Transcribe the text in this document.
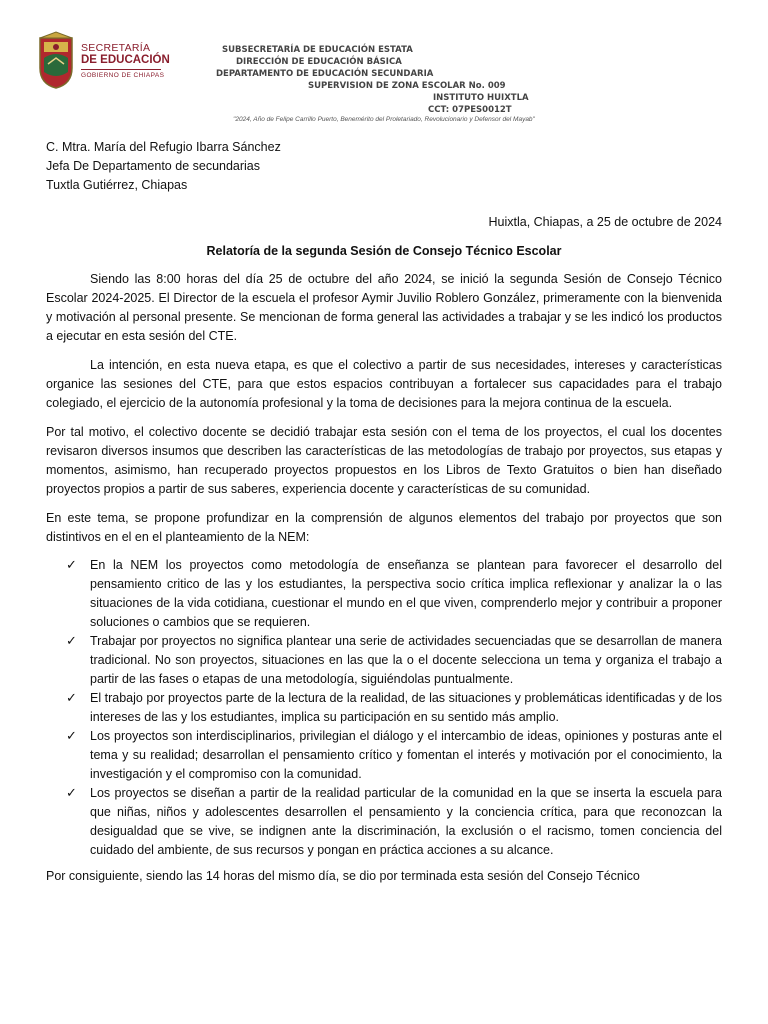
SECRETARÍA
DE EDUCACIÓN
GOBIERNO DE CHIAPAS
SUBSECRETARÍA DE EDUCACIÓN ESTATA
DIRECCIÓN DE EDUCACIÓN BÁSICA
DEPARTAMENTO DE EDUCACIÓN SECUNDARIA
SUPERVISION DE ZONA ESCOLAR No. 009
INSTITUTO HUIXTLA
CCT: 07PES0012T
"2024, Año de Felipe Carrillo Puerto, Benemérito del Proletariado, Revolucionario y Defensor del Mayab"
C. Mtra. María del Refugio Ibarra Sánchez
Jefa De Departamento de secundarias
Tuxtla Gutiérrez, Chiapas
Huixtla, Chiapas, a 25 de octubre de 2024
Relatoría de la segunda Sesión de Consejo Técnico Escolar
Siendo las 8:00 horas del día 25 de octubre del año 2024, se inició la segunda Sesión de Consejo Técnico Escolar 2024-2025. El Director de la escuela el profesor Aymir Juvilio Roblero González, primeramente con la bienvenida y motivación al personal presente. Se mencionan de forma general las actividades a trabajar y se les indicó los productos a ejecutar en esta sesión del CTE.
La intención, en esta nueva etapa, es que el colectivo a partir de sus necesidades, intereses y características organice las sesiones del CTE, para que estos espacios contribuyan a fortalecer sus capacidades para el trabajo colegiado, el ejercicio de la autonomía profesional y la toma de decisiones para la mejora continua de la escuela.
Por tal motivo, el colectivo docente se decidió trabajar esta sesión con el tema de los proyectos, el cual los docentes revisaron diversos insumos que describen las características de las metodologías de trabajo por proyectos, sus etapas y momentos, asimismo, han recuperado proyectos propuestos en los Libros de Texto Gratuitos o bien han diseñado proyectos propios a partir de sus saberes, experiencia docente y características de su comunidad.
En este tema, se propone profundizar en la comprensión de algunos elementos del trabajo por proyectos que son distintivos en el en el planteamiento de la NEM:
✓ En la NEM los proyectos como metodología de enseñanza se plantean para favorecer el desarrollo del pensamiento critico de las y los estudiantes, la perspectiva socio crítica implica reflexionar y analizar la o las situaciones de la vida cotidiana, cuestionar el mundo en el que viven, comprenderlo mejor y contribuir a proponer soluciones o cambios que se requieren.
✓ Trabajar por proyectos no significa plantear una serie de actividades secuenciadas que se desarrollan de manera tradicional. No son proyectos, situaciones en las que la o el docente selecciona un tema y organiza el trabajo a partir de las fases o etapas de una metodología, siguiéndolas puntualmente.
✓ El trabajo por proyectos parte de la lectura de la realidad, de las situaciones y problemáticas identificadas y de los intereses de las y los estudiantes, implica su participación en su sentido más amplio.
✓ Los proyectos son interdisciplinarios, privilegian el diálogo y el intercambio de ideas, opiniones y posturas ante el tema y su realidad; desarrollan el pensamiento crítico y fomentan el interés y motivación por el conocimiento, la investigación y el compromiso con la comunidad.
✓ Los proyectos se diseñan a partir de la realidad particular de la comunidad en la que se inserta la escuela para que niñas, niños y adolescentes desarrollen el pensamiento y la conciencia crítica, para que reconozcan la desigualdad que se vive, se indignen ante la discriminación, la exclusión o el racismo, tomen conciencia del cuidado del ambiente, de sus recursos y pongan en práctica acciones a su alcance.
Por consiguiente, siendo las 14 horas del mismo día, se dio por terminada esta sesión del Consejo Técnico
